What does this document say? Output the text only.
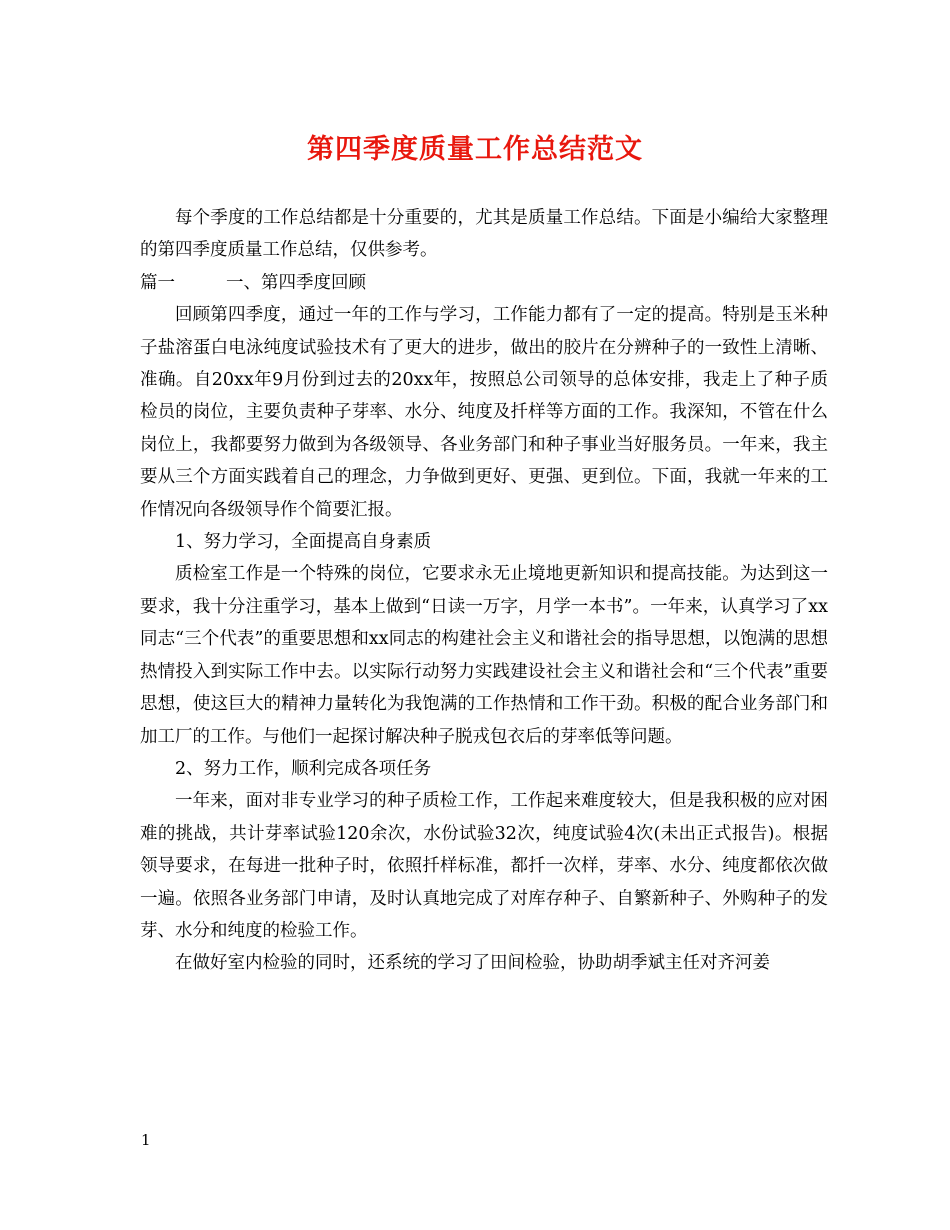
第四季度质量工作总结范文

每个季度的工作总结都是十分重要的，尤其是质量工作总结。下面是小编给大家整理的第四季度质量工作总结，仅供参考。

篇一	一、第四季度回顾

回顾第四季度，通过一年的工作与学习，工作能力都有了一定的提高。特别是玉米种子盐溶蛋白电泳纯度试验技术有了更大的进步，做出的胶片在分辨种子的一致性上清晰、准确。自20xx年9月份到过去的20xx年，按照总公司领导的总体安排，我走上了种子质检员的岗位，主要负责种子芽率、水分、纯度及扦样等方面的工作。我深知，不管在什么岗位上，我都要努力做到为各级领导、各业务部门和种子事业当好服务员。一年来，我主要从三个方面实践着自己的理念，力争做到更好、更强、更到位。下面，我就一年来的工作情况向各级领导作个简要汇报。

1、努力学习，全面提高自身素质

质检室工作是一个特殊的岗位，它要求永无止境地更新知识和提高技能。为达到这一要求，我十分注重学习，基本上做到“日读一万字，月学一本书”。一年来，认真学习了xx同志“三个代表”的重要思想和xx同志的构建社会主义和谐社会的指导思想，以饱满的思想热情投入到实际工作中去。以实际行动努力实践建设社会主义和谐社会和“三个代表”重要思想，使这巨大的精神力量转化为我饱满的工作热情和工作干劲。积极的配合业务部门和加工厂的工作。与他们一起探讨解决种子脱戎包衣后的芽率低等问题。

2、努力工作，顺利完成各项任务

一年来，面对非专业学习的种子质检工作，工作起来难度较大，但是我积极的应对困难的挑战，共计芽率试验120余次，水份试验32次，纯度试验4次(未出正式报告)。根据领导要求，在每进一批种子时，依照扦样标准，都扦一次样，芽率、水分、纯度都依次做一遍。依照各业务部门申请，及时认真地完成了对库存种子、自繁新种子、外购种子的发芽、水分和纯度的检验工作。

在做好室内检验的同时，还系统的学习了田间检验，协助胡季斌主任对齐河姜

1
